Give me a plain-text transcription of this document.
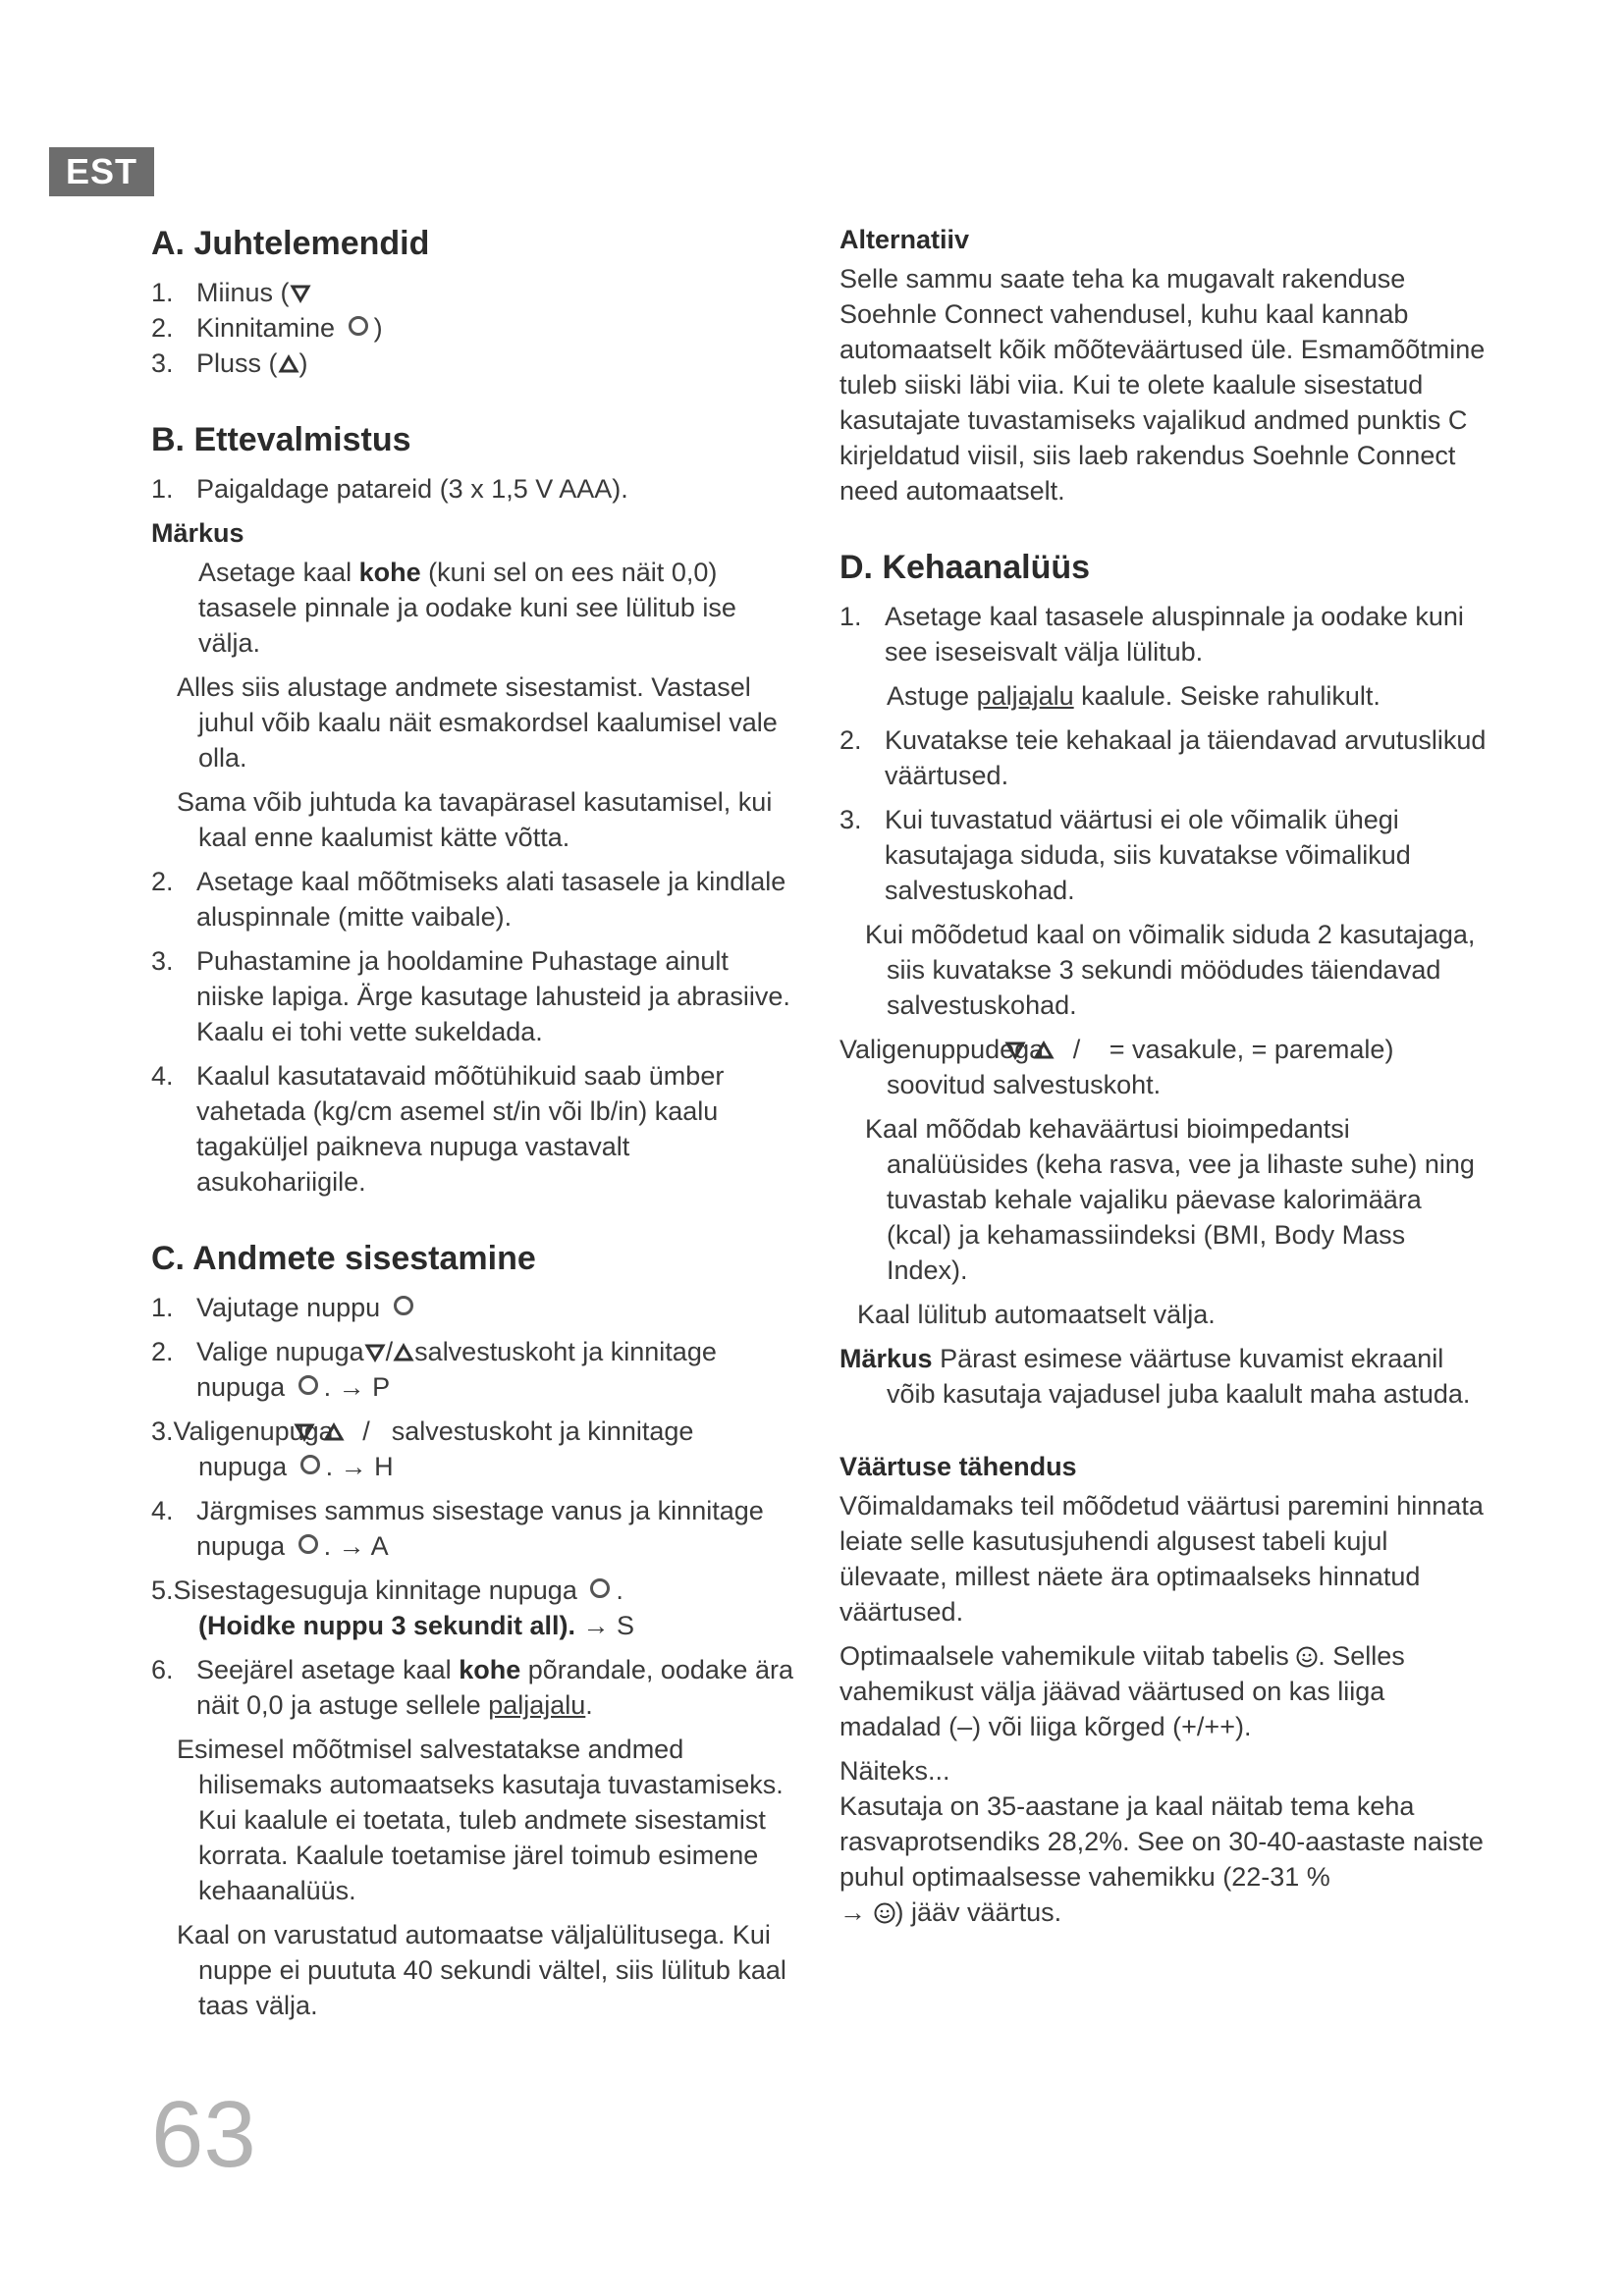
EST
A. Juhtelemendid

1. Miinus (

2. Kinnitamine )

3. Pluss ( )

B. Ettevalmistus

1. Paigaldage patareid (3 x 1,5 V AAA).

Märkus

Asetage kaal kohe (kuni sel on ees näit 0,0) tasasele pinnale ja oodake kuni see lülitub ise välja.

Alles siis alustage andmete sisestamist. Vastasel juhul võib kaalu näit esmakordsel kaalumisel vale olla.

Sama võib juhtuda ka tavapärasel kasutamisel, kui kaal enne kaalumist kätte võtta.

2. Asetage kaal mõõtmiseks alati tasasele ja kindlale aluspinnale (mitte vaibale).

3. Puhastamine ja hooldamine Puhastage ainult niiske lapiga. Ärge kasutage lahusteid ja abrasiive. Kaalu ei tohi vette sukeldada.

4. Kaalul kasutatavaid mõõtühikuid saab ümber vahetada (kg/cm asemel st/in või lb/in) kaalu tagaküljel paikneva nupuga vastavalt asukohariigile.

C. Andmete sisestamine

1. Vajutage nuppu

2. Valige nupuga / salvestuskoht ja kinnitage
nupuga . → P

3.Valigenupuga / salvestuskoht ja kinnitage
nupuga . → H

4. Järgmises sammus sisestage vanus ja kinnitage nupuga . → A

5.Sisestagesuguja kinnitage nupuga .
(Hoidke nuppu 3 sekundit all). → S

6. Seejärel asetage kaal kohe põrandale, oodake ära näit 0,0 ja astuge sellele paljajalu.

Esimesel mõõtmisel salvestatakse andmed hilisemaks automaatseks kasutaja tuvastamiseks. Kui kaalule ei toetata, tuleb andmete sisestamist korrata. Kaalule toetamise järel toimub esimene kehaanalüüs.

Kaal on varustatud automaatse väljalülitusega. Kui nuppe ei puututa 40 sekundi vältel, siis lülitub kaal taas välja.

Alternatiiv

Selle sammu saate teha ka mugavalt rakenduse Soehnle Connect vahendusel, kuhu kaal kannab automaatselt kõik mõõteväärtused üle. Esmamõõtmine tuleb siiski läbi viia. Kui te olete kaalule sisestatud kasutajate tuvastamiseks vajalikud andmed punktis C kirjeldatud viisil, siis laeb rakendus Soehnle Connect need automaatselt.

D. Kehaanalüüs

1. Asetage kaal tasasele aluspinnale ja oodake kuni see iseseisvalt välja lülitub.

Astuge paljajalu kaalule. Seiske rahulikult.

2. Kuvatakse teie kehakaal ja täiendavad arvutuslikud väärtused.

3. Kui tuvastatud väärtusi ei ole võimalik ühegi kasutajaga siduda, siis kuvatakse võimalikud salvestuskohad.

Kui mõõdetud kaal on võimalik siduda 2 kasutajaga, siis kuvatakse 3 sekundi möödudes täiendavad salvestuskohad.

Valigenuppudega / = vasakule, = paremale) soovitud salvestuskoht.

Kaal mõõdab kehaväärtusi bioimpedantsi analüüsides (keha rasva, vee ja lihaste suhe) ning tuvastab kehale vajaliku päevase kalorimäära (kcal) ja kehamassiindeksi (BMI, Body Mass Index).

Kaal lülitub automaatselt välja.

Märkus Pärast esimese väärtuse kuvamist ekraanil võib kasutaja vajadusel juba kaalult maha astuda.

Väärtuse tähendus

Võimaldamaks teil mõõdetud väärtusi paremini hinnata leiate selle kasutusjuhendi algusest tabeli kujul ülevaate, millest näete ära optimaalseks hinnatud väärtused.

Optimaalsele vahemikule viitab tabelis . Selles vahemikust välja jäävad väärtused on kas liiga madalad (–) või liiga kõrged (+/++).

Näiteks...

Kasutaja on 35-aastane ja kaal näitab tema keha rasvaprotsendiks 28,2%. See on 30-40-aastaste naiste puhul optimaalsesse vahemikku (22-31 %
→ ) jääv väärtus.

63
